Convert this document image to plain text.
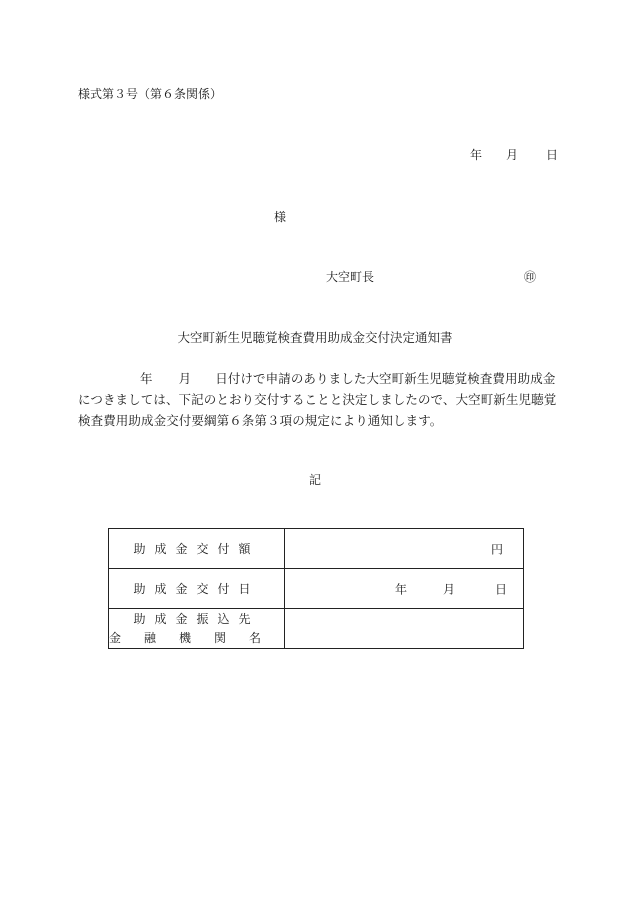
様式第３号（第６条関係）
年 月 日
様
大空町長	㊞
大空町新生児聴覚検査費用助成金交付決定通知書
年 月 日付けで申請のありました大空町新生児聴覚検査費用助成金につきましては、下記のとおり交付することと決定しましたので、大空町新生児聴覚検査費用助成金交付要綱第６条第３項の規定により通知します。
記
助成金交付額	円

助成金交付日	年 月 日

助成金振込先
金融機関名	
